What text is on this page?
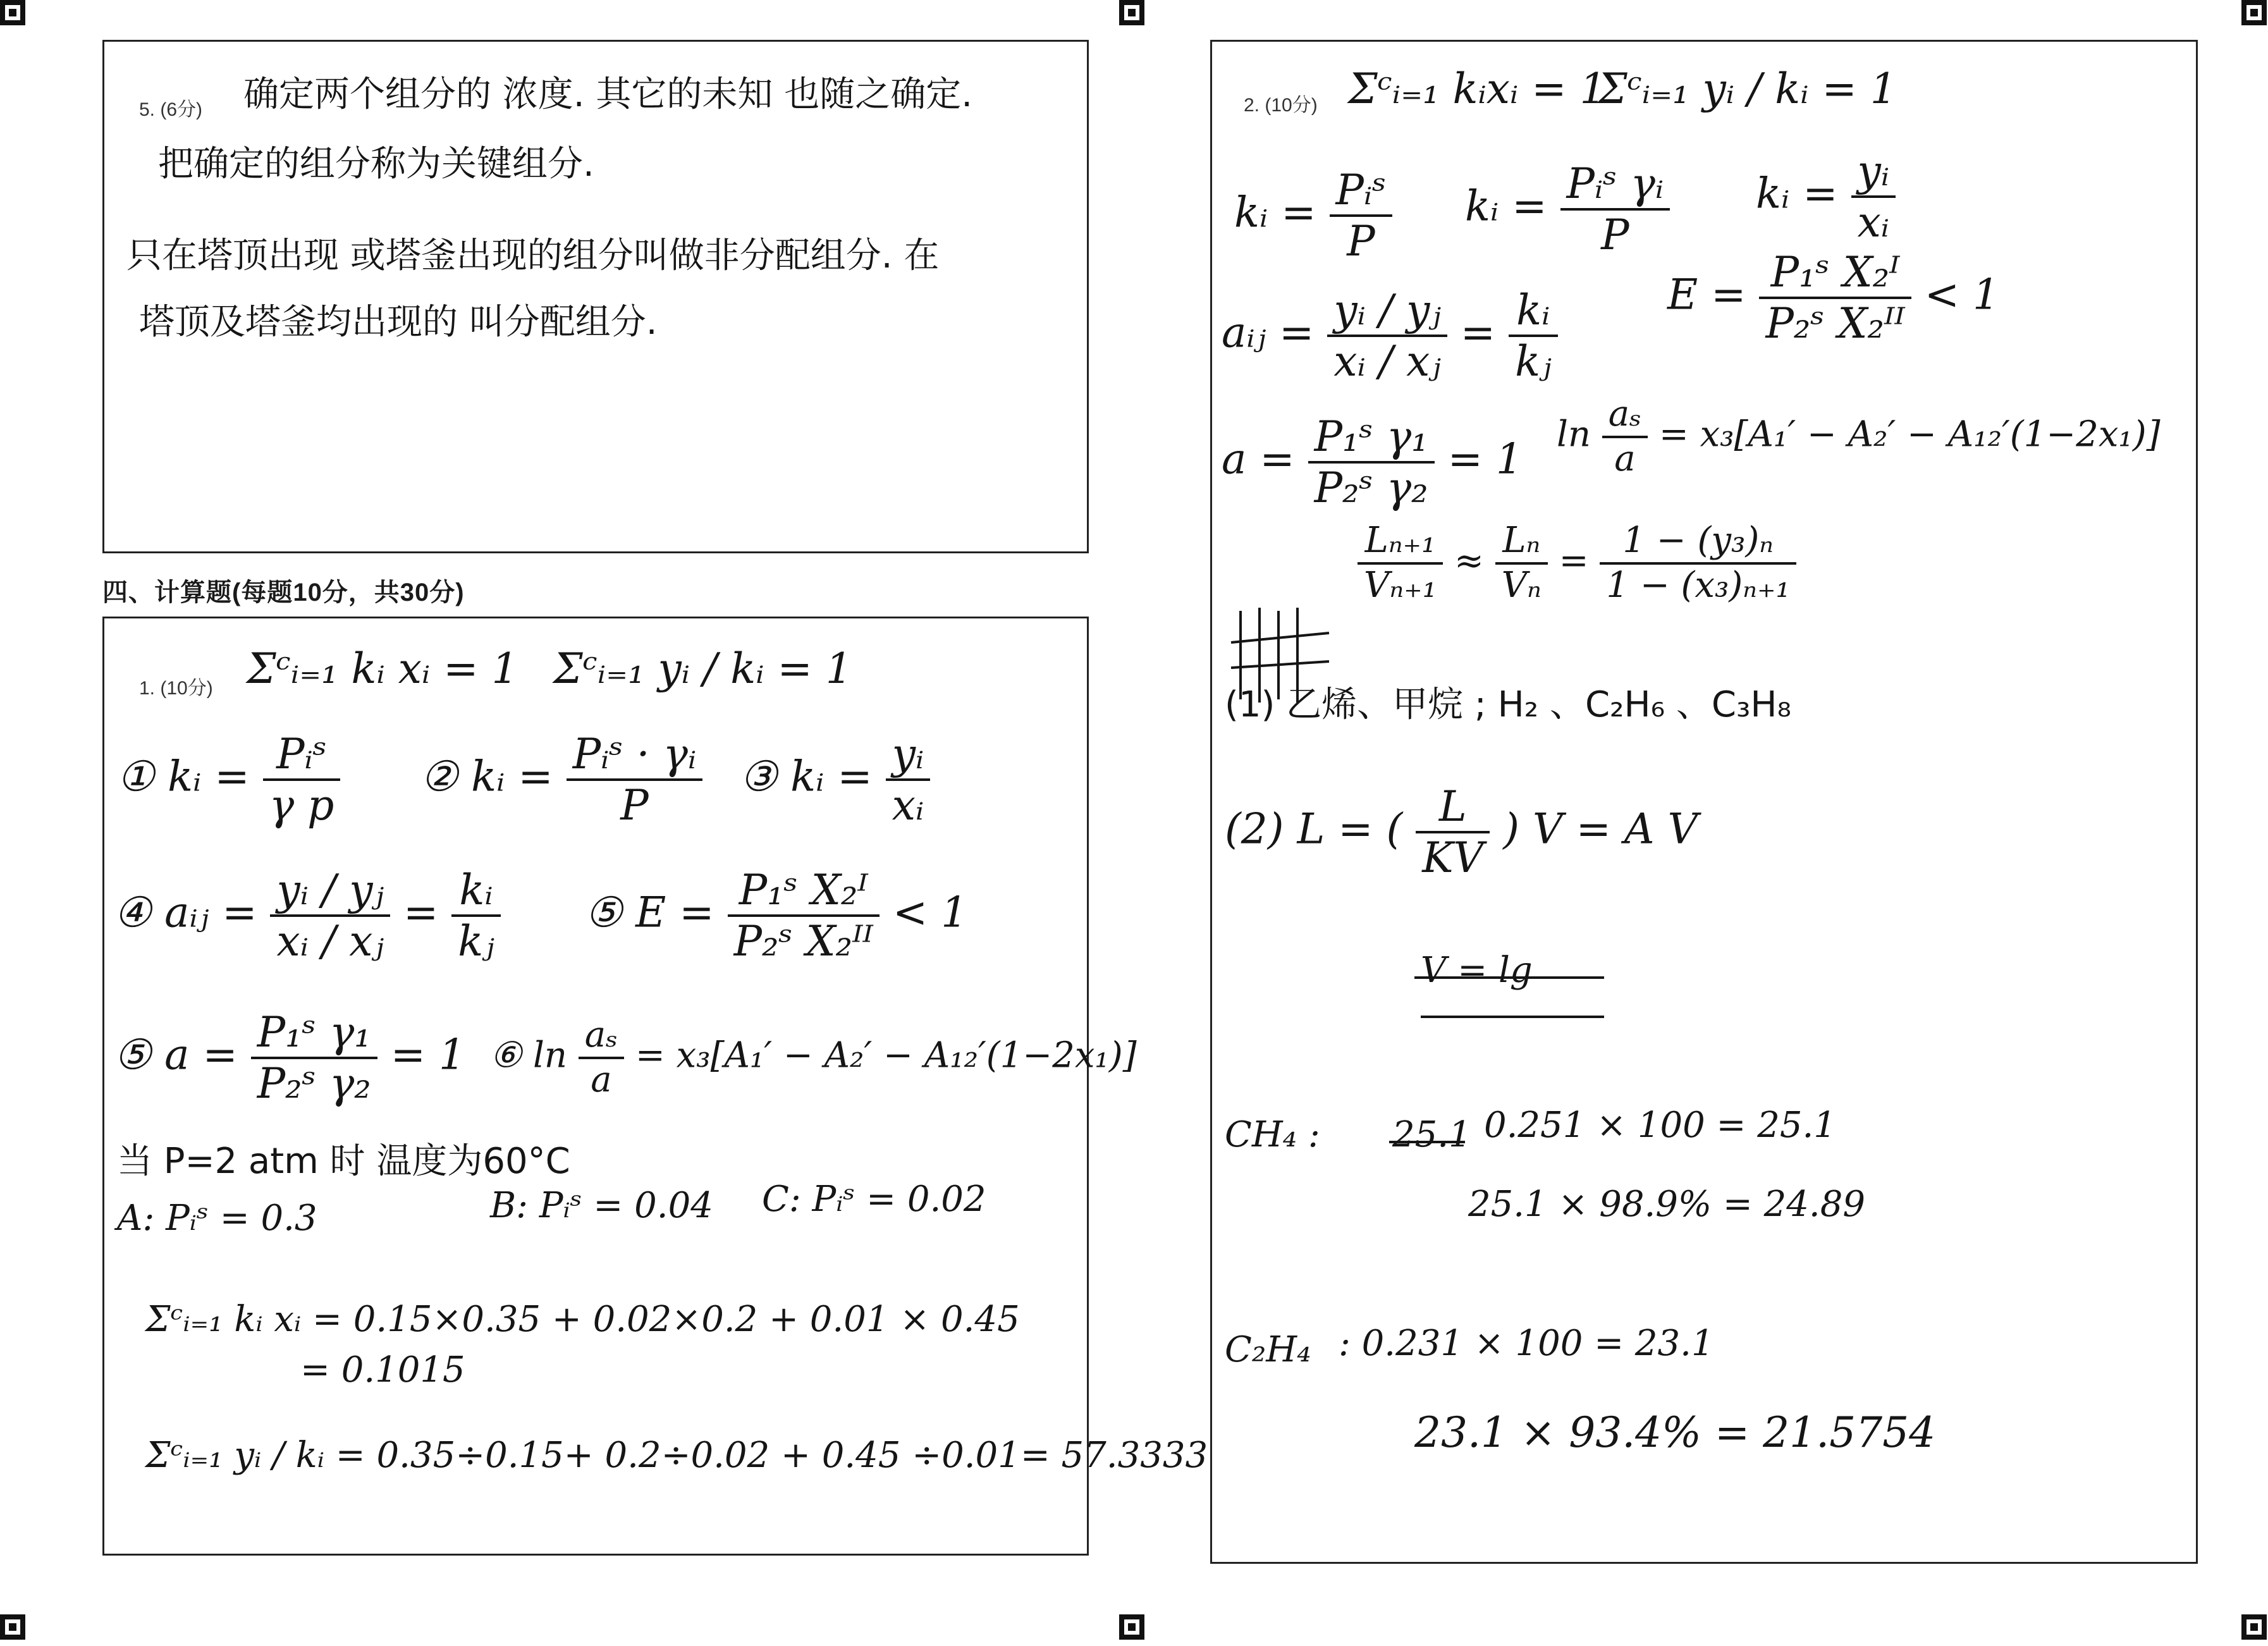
5. (6分) 确定两个组分的 浓度. 其它的未知 也随之确定.
把确定的组分称为关键组分.
只在塔顶出现 或塔釜出现的组分叫做非分配组分. 在
塔顶及塔釜均出现的 叫分配组分.
四、计算题(每题10分，共30分)
1. (10分) Σᶜᵢ₌₁ kᵢ xᵢ = 1 Σᶜᵢ₌₁ yᵢ / kᵢ = 1
① kᵢ = $\frac{\text{Pᵢˢ}}{\text{γ p}}$ ② kᵢ = $\frac{\text{Pᵢˢ · γᵢ}}{P}$ ③ kᵢ = $\frac{\text{yᵢ}}{\text{xᵢ}}$
④ aᵢⱼ = $\frac{\text{yᵢ / yⱼ}}{\text{xᵢ / xⱼ}} = \frac{\text{kᵢ}}{\text{kⱼ}}$ ⑤ $E = \frac{\text{P₁ˢ X₂ᴵ}}{\text{P₂ˢ X₂ᴵᴵ}} < 1$
⑤ $a = \frac{\text{P₁ˢ γ₁}}{\text{P₂ˢ γ₂}} = 1$ ⑥ $\ln \frac{\text{aₛ}}{a} = x_3[A_1' - A_2' - A_{12}'(1-2x_1)]$
当 P=2 atm 时 温度为60°C
A: Pᵢˢ = 0.3	B: Pᵢˢ = 0.04 C: Pᵢˢ = 0.02
Σᶜᵢ₌₁ kᵢ xᵢ = 0.15×0.35 + 0.02×0.2 + 0.01 × 0.45
= 0.1015
Σᶜᵢ₌₁ yᵢ / kᵢ = 0.35÷0.15+ 0.2÷0.02 + 0.45 ÷0.01= 57.3333
2. (10分) Σᶜᵢ₌₁ kᵢxᵢ = 1
Σᶜᵢ₌₁ yᵢ / kᵢ = 1
kᵢ = $\frac{\text{Pᵢˢ}}{P}$ kᵢ = $\frac{\text{Pᵢˢ γᵢ}}{P}$ kᵢ = $\frac{\text{yᵢ}}{\text{xᵢ}}$
aᵢⱼ = $\frac{\text{yᵢ / yⱼ}}{\text{xᵢ / xⱼ}} = \frac{\text{kᵢ}}{\text{kⱼ}}$	$E = \frac{\text{P₁ˢ X₂ᴵ}}{\text{P₂ˢ X₂ᴵᴵ}} < 1$
$a = \frac{\text{P₁ˢ γ₁}}{\text{P₂ˢ γ₂}} = 1$
$\ln \frac{\text{aₛ}}{a} = x_3[A_1' - A_2' - A_{12}'(1-2x_1)]$
$\frac{\text{Lₙ₊₁}}{\text{Vₙ₊₁}} \approx \frac{\text{Lₙ}}{\text{Vₙ}} = \frac{\text{1 − (y₃)ₙ}}{\text{1 − (x₃)ₙ₊₁}}$
(1) 乙烯、甲烷 ; H₂ 、C₂H₆ 、C₃H₈
(2) L = ( $\frac{L}{KV}$ ) V = A V
V = lg
CH₄ : 25.1 0.251 × 100 = 25.1
25.1 × 98.9% = 24.89
C₂H₄ : 0.231 × 100 = 23.1
23.1 × 93.4% = 21.5754
